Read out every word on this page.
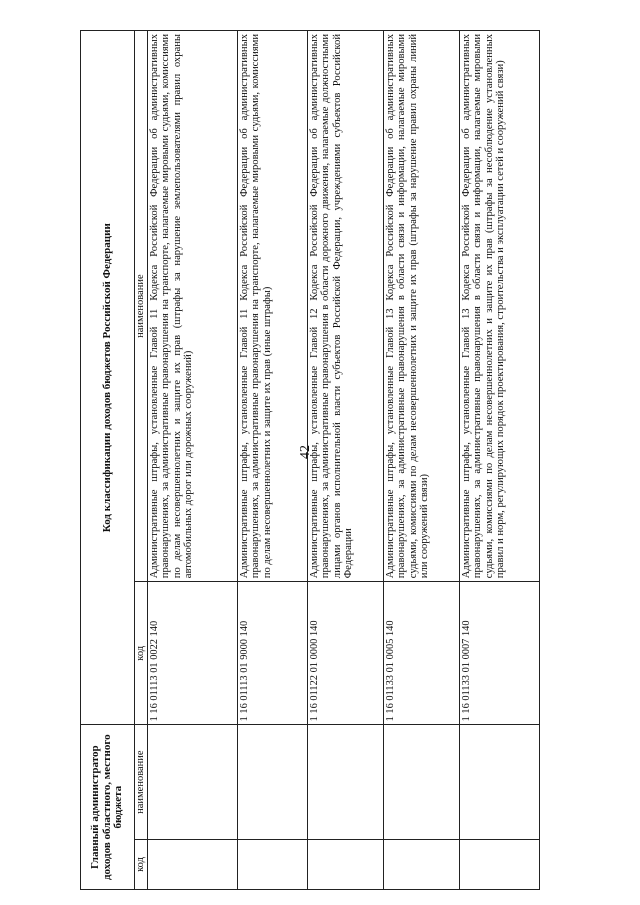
42
Главный администратор доходов областного, местного бюджета		Код классификации доходов бюджетов Российской Федерации	
код	наименование	код	наименование
		1 16 01113 01 0022 140	Административные штрафы, установленные Главой 11 Кодекса Российской Федерации об административных правонарушениях, за административные правонарушения на транспорте, налагаемые мировыми судьями, комиссиями по делам несовершеннолетних и защите их прав (штрафы за нарушение землепользователями правил охраны автомобильных дорог или дорожных сооружений)
		1 16 01113 01 9000 140	Административные штрафы, установленные Главой 11 Кодекса Российской Федерации об административных правонарушениях, за административные правонарушения на транспорте, налагаемые мировыми судьями, комиссиями по делам несовершеннолетних и защите их прав (иные штрафы)
		1 16 01122 01 0000 140	Административные штрафы, установленные Главой 12 Кодекса Российской Федерации об административных правонарушениях, за административные правонарушения в области дорожного движения, налагаемые должностными лицами органов исполнительной власти субъектов Российской Федерации, учреждениями субъектов Российской Федерации
		1 16 01133 01 0005 140	Административные штрафы, установленные Главой 13 Кодекса Российской Федерации об административных правонарушениях, за административные правонарушения в области связи и информации, налагаемые мировыми судьями, комиссиями по делам несовершеннолетних и защите их прав (штрафы за нарушение правил охраны линий или сооружений связи)
		1 16 01133 01 0007 140	Административные штрафы, установленные Главой 13 Кодекса Российской Федерации об административных правонарушениях, за административные правонарушения в области связи и информации, налагаемые мировыми судьями, комиссиями по делам несовершеннолетних и защите их прав (штрафы за несоблюдение установленных правил и норм, регулирующих порядок проектирования, строительства и эксплуатации сетей и сооружений связи)
